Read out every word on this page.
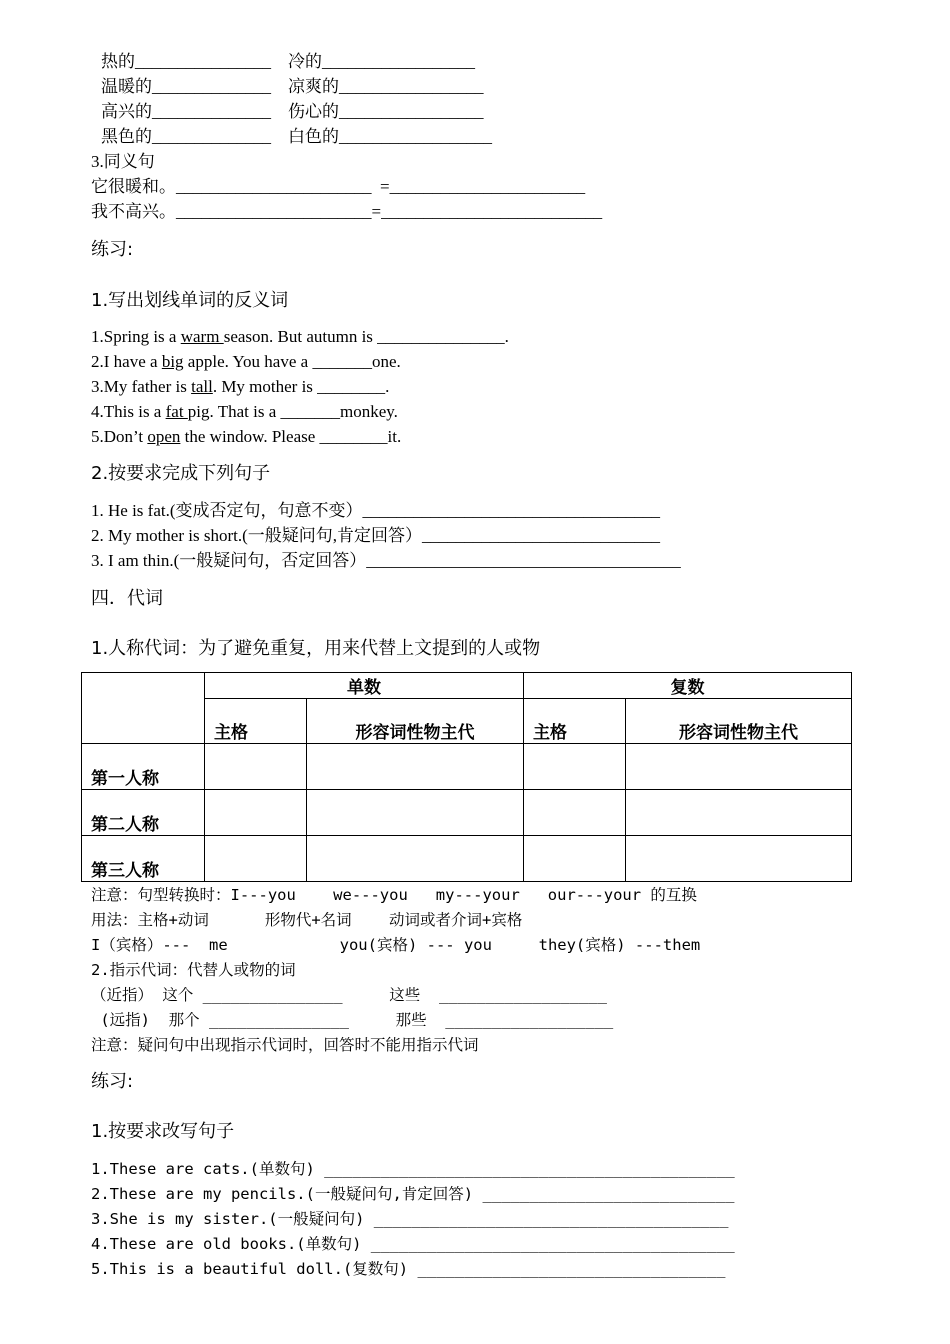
热的________________    冷的__________________
温暖的______________    凉爽的_________________
高兴的______________    伤心的_________________
黑色的______________    白色的__________________
3.同义句
它很暖和。_______________________  =_______________________
我不高兴。_______________________=__________________________
练习:
1.写出划线单词的反义词
1.Spring is a warm season. But autumn is _______________.
2.I have a big apple. You have a _______one.
3.My father is tall. My mother is ________.
4.This is a fat pig. That is a _______monkey.
5.Don’t open the window. Please ________it.
2.按要求完成下列句子
1. He is fat.(变成否定句，句意不变）___________________________________
2. My mother is short.(一般疑问句,肯定回答）____________________________
3. I am thin.(一般疑问句，否定回答）_____________________________________
四．代词
1.人称代词：为了避免重复，用来代替上文提到的人或物
	单数		复数	
	主格	形容词性物主代	主格	形容词性物主代
第一人称				
第二人称				
第三人称				
注意：句型转换时：I---you    we---you   my---your   our---your 的互换
用法：主格+动词      形物代+名词    动词或者介词+宾格
I（宾格）---  me            you(宾格) --- you     they(宾格) ---them
2.指示代词：代替人或物的词
（近指） 这个 _______________     这些  __________________
(远指)  那个 _______________     那些  __________________
注意：疑问句中出现指示代词时，回答时不能用指示代词
练习:
1.按要求改写句子
1.These are cats.(单数句) ____________________________________________
2.These are my pencils.(一般疑问句,肯定回答) ___________________________
3.She is my sister.(一般疑问句) ______________________________________
4.These are old books.(单数句) _______________________________________
5.This is a beautiful doll.(复数句) _________________________________
